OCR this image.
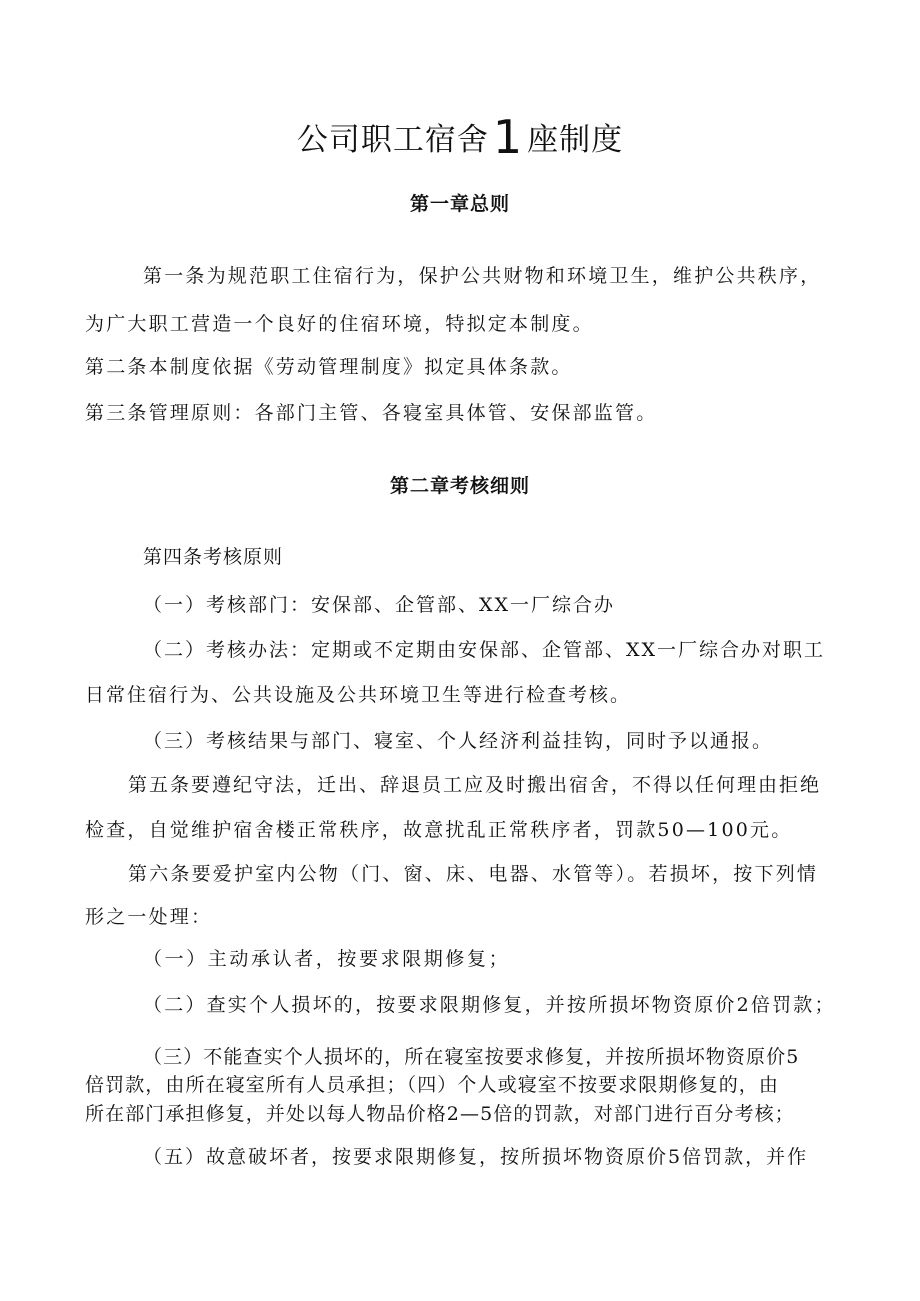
公司职工宿舍1 座制度
第一章总则
第一条为规范职工住宿行为，保护公共财物和环境卫生，维护公共秩序，
为广大职工营造一个良好的住宿环境，特拟定本制度。
第二条本制度依据《劳动管理制度》拟定具体条款。
第三条管理原则：各部门主管、各寝室具体管、安保部监管。
第二章考核细则
第四条考核原则
（一）考核部门：安保部、企管部、XX一厂综合办
（二）考核办法：定期或不定期由安保部、企管部、XX一厂综合办对职工
日常住宿行为、公共设施及公共环境卫生等进行检查考核。
（三）考核结果与部门、寝室、个人经济利益挂钩，同时予以通报。
第五条要遵纪守法，迁出、辞退员工应及时搬出宿舍，不得以任何理由拒绝
检查，自觉维护宿舍楼正常秩序，故意扰乱正常秩序者，罚款50—100元。
第六条要爱护室内公物（门、窗、床、电器、水管等）。若损坏，按下列情
形之一处理：
（一）主动承认者，按要求限期修复；
（二）查实个人损坏的，按要求限期修复，并按所损坏物资原价2倍罚款；
（三）不能查实个人损坏的，所在寝室按要求修复，并按所损坏物资原价5
倍罚款，由所在寝室所有人员承担；（四）个人或寝室不按要求限期修复的，由
所在部门承担修复，并处以每人物品价格2—5倍的罚款，对部门进行百分考核；
（五）故意破坏者，按要求限期修复，按所损坏物资原价5倍罚款，并作
